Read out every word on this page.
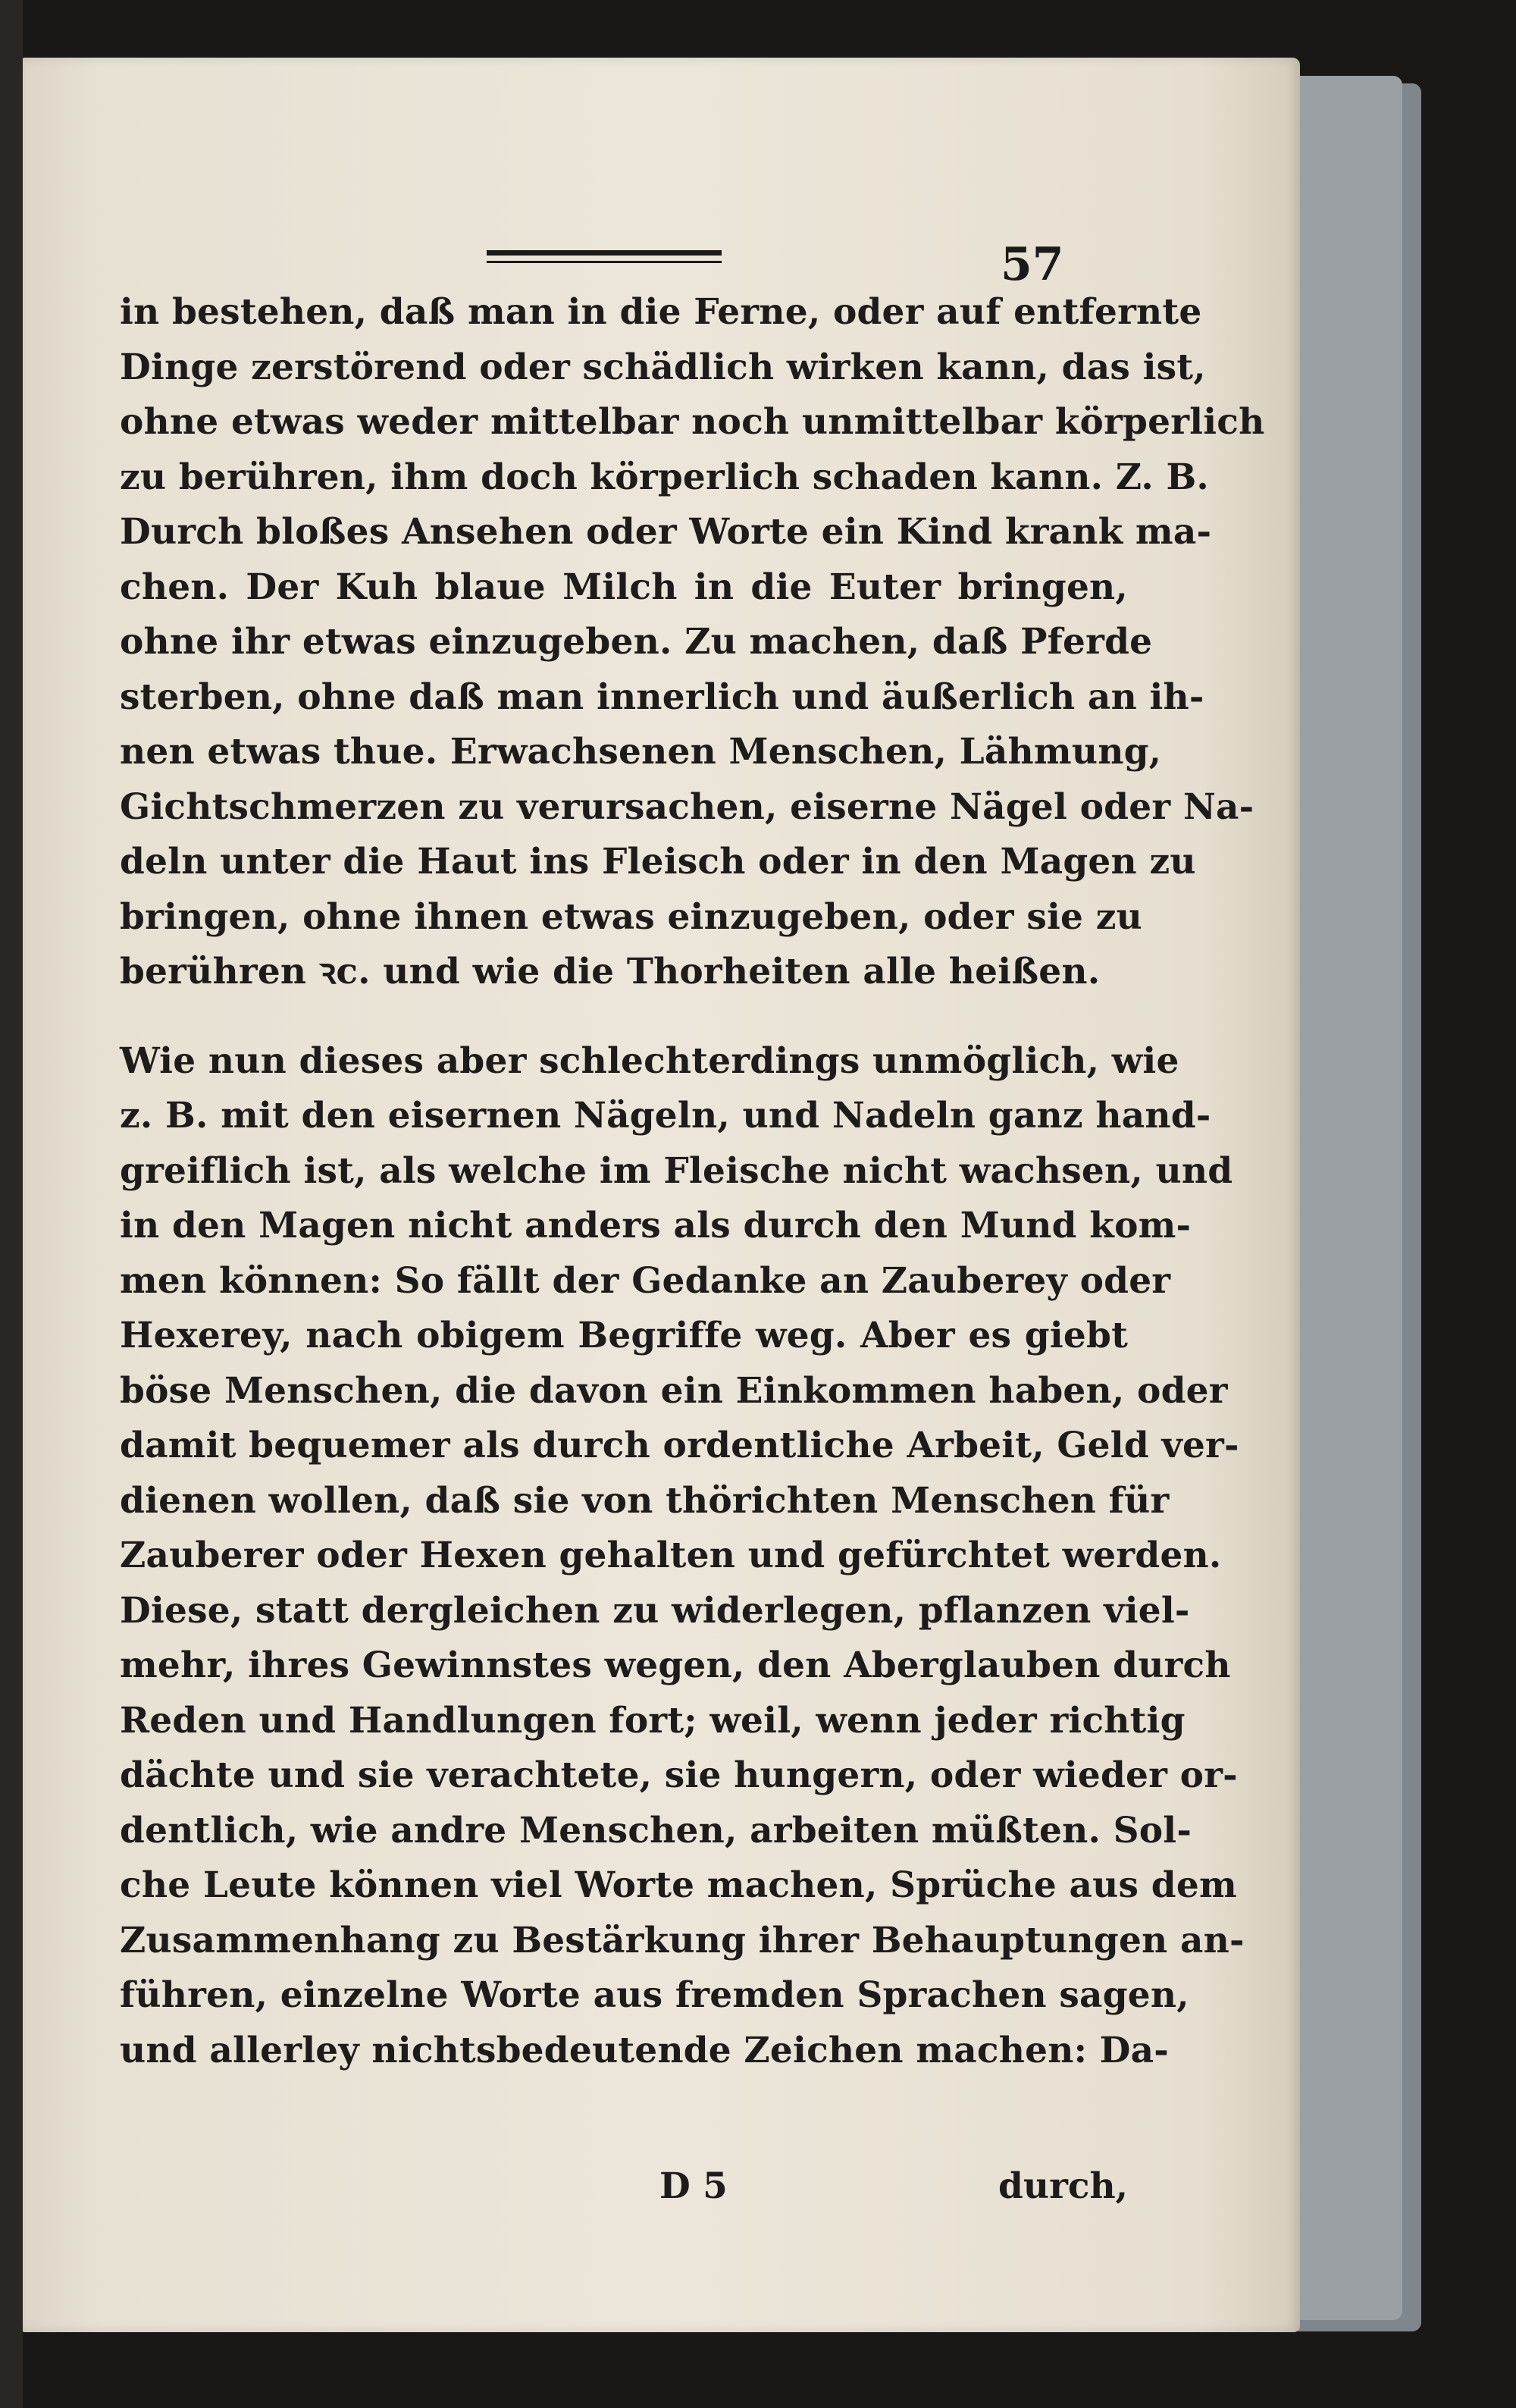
57
in bestehen, daß man in die Ferne, oder auf entfernte
Dinge zerstörend oder schädlich wirken kann, das ist,
ohne etwas weder mittelbar noch unmittelbar körperlich
zu berühren, ihm doch körperlich schaden kann. Z. B.
Durch bloßes Ansehen oder Worte ein Kind krank ma-
chen. Der Kuh blaue Milch in die Euter bringen,
ohne ihr etwas einzugeben. Zu machen, daß Pferde
sterben, ohne daß man innerlich und äußerlich an ih-
nen etwas thue. Erwachsenen Menschen, Lähmung,
Gichtschmerzen zu verursachen, eiserne Nägel oder Na-
deln unter die Haut ins Fleisch oder in den Magen zu
bringen, ohne ihnen etwas einzugeben, oder sie zu
berühren ꝛc. und wie die Thorheiten alle heißen.
Wie nun dieses aber schlechterdings unmöglich, wie
z. B. mit den eisernen Nägeln, und Nadeln ganz hand-
greiflich ist, als welche im Fleische nicht wachsen, und
in den Magen nicht anders als durch den Mund kom-
men können: So fällt der Gedanke an Zauberey oder
Hexerey, nach obigem Begriffe weg. Aber es giebt
böse Menschen, die davon ein Einkommen haben, oder
damit bequemer als durch ordentliche Arbeit, Geld ver-
dienen wollen, daß sie von thörichten Menschen für
Zauberer oder Hexen gehalten und gefürchtet werden.
Diese, statt dergleichen zu widerlegen, pflanzen viel-
mehr, ihres Gewinnstes wegen, den Aberglauben durch
Reden und Handlungen fort; weil, wenn jeder richtig
dächte und sie verachtete, sie hungern, oder wieder or-
dentlich, wie andre Menschen, arbeiten müßten. Sol-
che Leute können viel Worte machen, Sprüche aus dem
Zusammenhang zu Bestärkung ihrer Behauptungen an-
führen, einzelne Worte aus fremden Sprachen sagen,
und allerley nichtsbedeutende Zeichen machen: Da-
D 5	durch,
